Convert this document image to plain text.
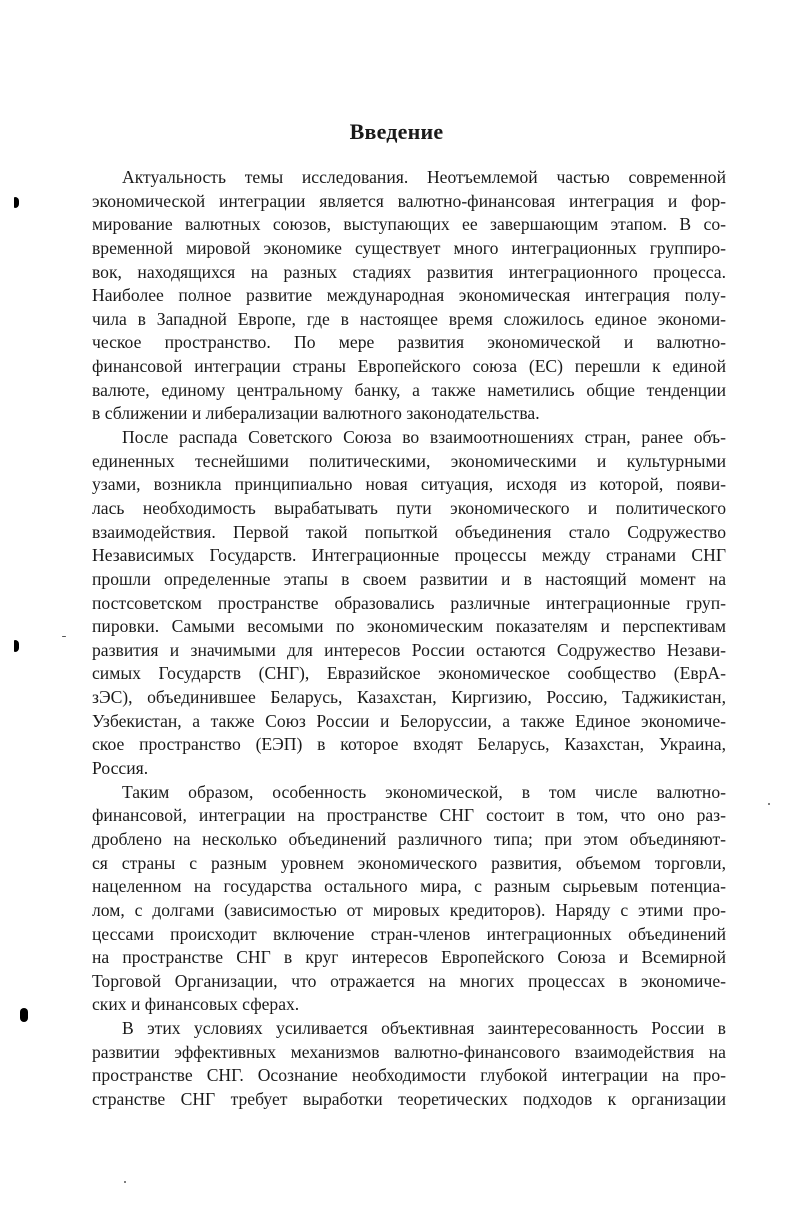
Введение
Актуальность темы исследования. Неотъемлемой частью современной
экономической интеграции является валютно-финансовая интеграция и фор-
мирование валютных союзов, выступающих ее завершающим этапом. В со-
временной мировой экономике существует много интеграционных группиро-
вок, находящихся на разных стадиях развития интеграционного процесса.
Наиболее полное развитие международная экономическая интеграция полу-
чила в Западной Европе, где в настоящее время сложилось единое экономи-
ческое пространство. По мере развития экономической и валютно-
финансовой интеграции страны Европейского союза (ЕС) перешли к единой
валюте, единому центральному банку, а также наметились общие тенденции
в сближении и либерализации валютного законодательства.
После распада Советского Союза во взаимоотношениях стран, ранее объ-
единенных теснейшими политическими, экономическими и культурными
узами, возникла принципиально новая ситуация, исходя из которой, появи-
лась необходимость вырабатывать пути экономического и политического
взаимодействия. Первой такой попыткой объединения стало Содружество
Независимых Государств. Интеграционные процессы между странами СНГ
прошли определенные этапы в своем развитии и в настоящий момент на
постсоветском пространстве образовались различные интеграционные груп-
пировки. Самыми весомыми по экономическим показателям и перспективам
развития и значимыми для интересов России остаются Содружество Незави-
симых Государств (СНГ), Евразийское экономическое сообщество (ЕврА-
зЭС), объединившее Беларусь, Казахстан, Киргизию, Россию, Таджикистан,
Узбекистан, а также Союз России и Белоруссии, а также Единое экономиче-
ское пространство (ЕЭП) в которое входят Беларусь, Казахстан, Украина,
Россия.
Таким образом, особенность экономической, в том числе валютно-
финансовой, интеграции на пространстве СНГ состоит в том, что оно раз-
дроблено на несколько объединений различного типа; при этом объединяют-
ся страны с разным уровнем экономического развития, объемом торговли,
нацеленном на государства остального мира, с разным сырьевым потенциа-
лом, с долгами (зависимостью от мировых кредиторов). Наряду с этими про-
цессами происходит включение стран-членов интеграционных объединений
на пространстве СНГ в круг интересов Европейского Союза и Всемирной
Торговой Организации, что отражается на многих процессах в экономиче-
ских и финансовых сферах.
В этих условиях усиливается объективная заинтересованность России в
развитии эффективных механизмов валютно-финансового взаимодействия на
пространстве СНГ. Осознание необходимости глубокой интеграции на про-
странстве СНГ требует выработки теоретических подходов к организации
